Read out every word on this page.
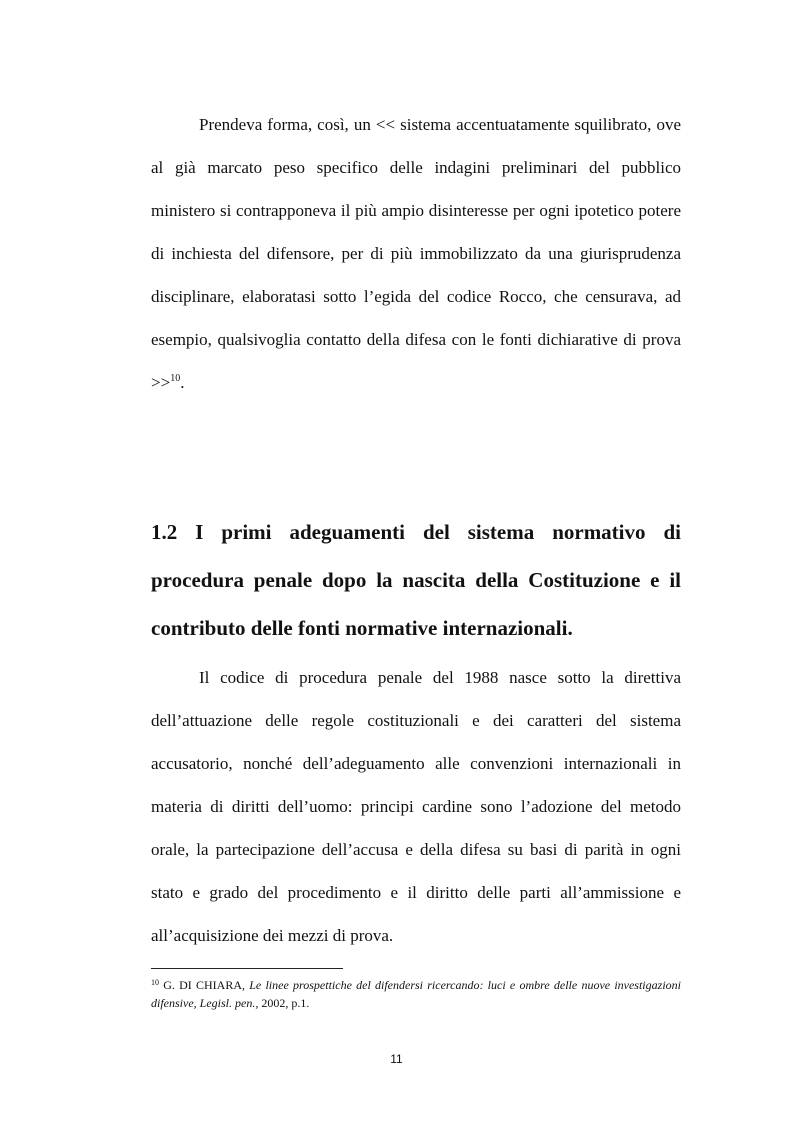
Prendeva forma, così, un << sistema accentuatamente squilibrato, ove al già marcato peso specifico delle indagini preliminari del pubblico ministero si contrapponeva il più ampio disinteresse per ogni ipotetico potere di inchiesta del difensore, per di più immobilizzato da una giurisprudenza disciplinare, elaboratasi sotto l’egida del codice Rocco, che censurava, ad esempio, qualsivoglia contatto della difesa con le fonti dichiarative di prova >>$^{10}$.

1.2 I primi adeguamenti del sistema normativo di procedura penale dopo la nascita della Costituzione e il contributo delle fonti normative internazionali.

Il codice di procedura penale del 1988 nasce sotto la direttiva dell’attuazione delle regole costituzionali e dei caratteri del sistema accusatorio, nonché dell’adeguamento alle convenzioni internazionali in materia di diritti dell’uomo: principi cardine sono l’adozione del metodo orale, la partecipazione dell’accusa e della difesa su basi di parità in ogni stato e grado del procedimento e il diritto delle parti all’ammissione e all’acquisizione dei mezzi di prova.

$^{10}$ G. DI CHIARA, Le linee prospettiche del difendersi ricercando: luci e ombre delle nuove investigazioni difensive, Legisl. pen., 2002, p.1.

11
